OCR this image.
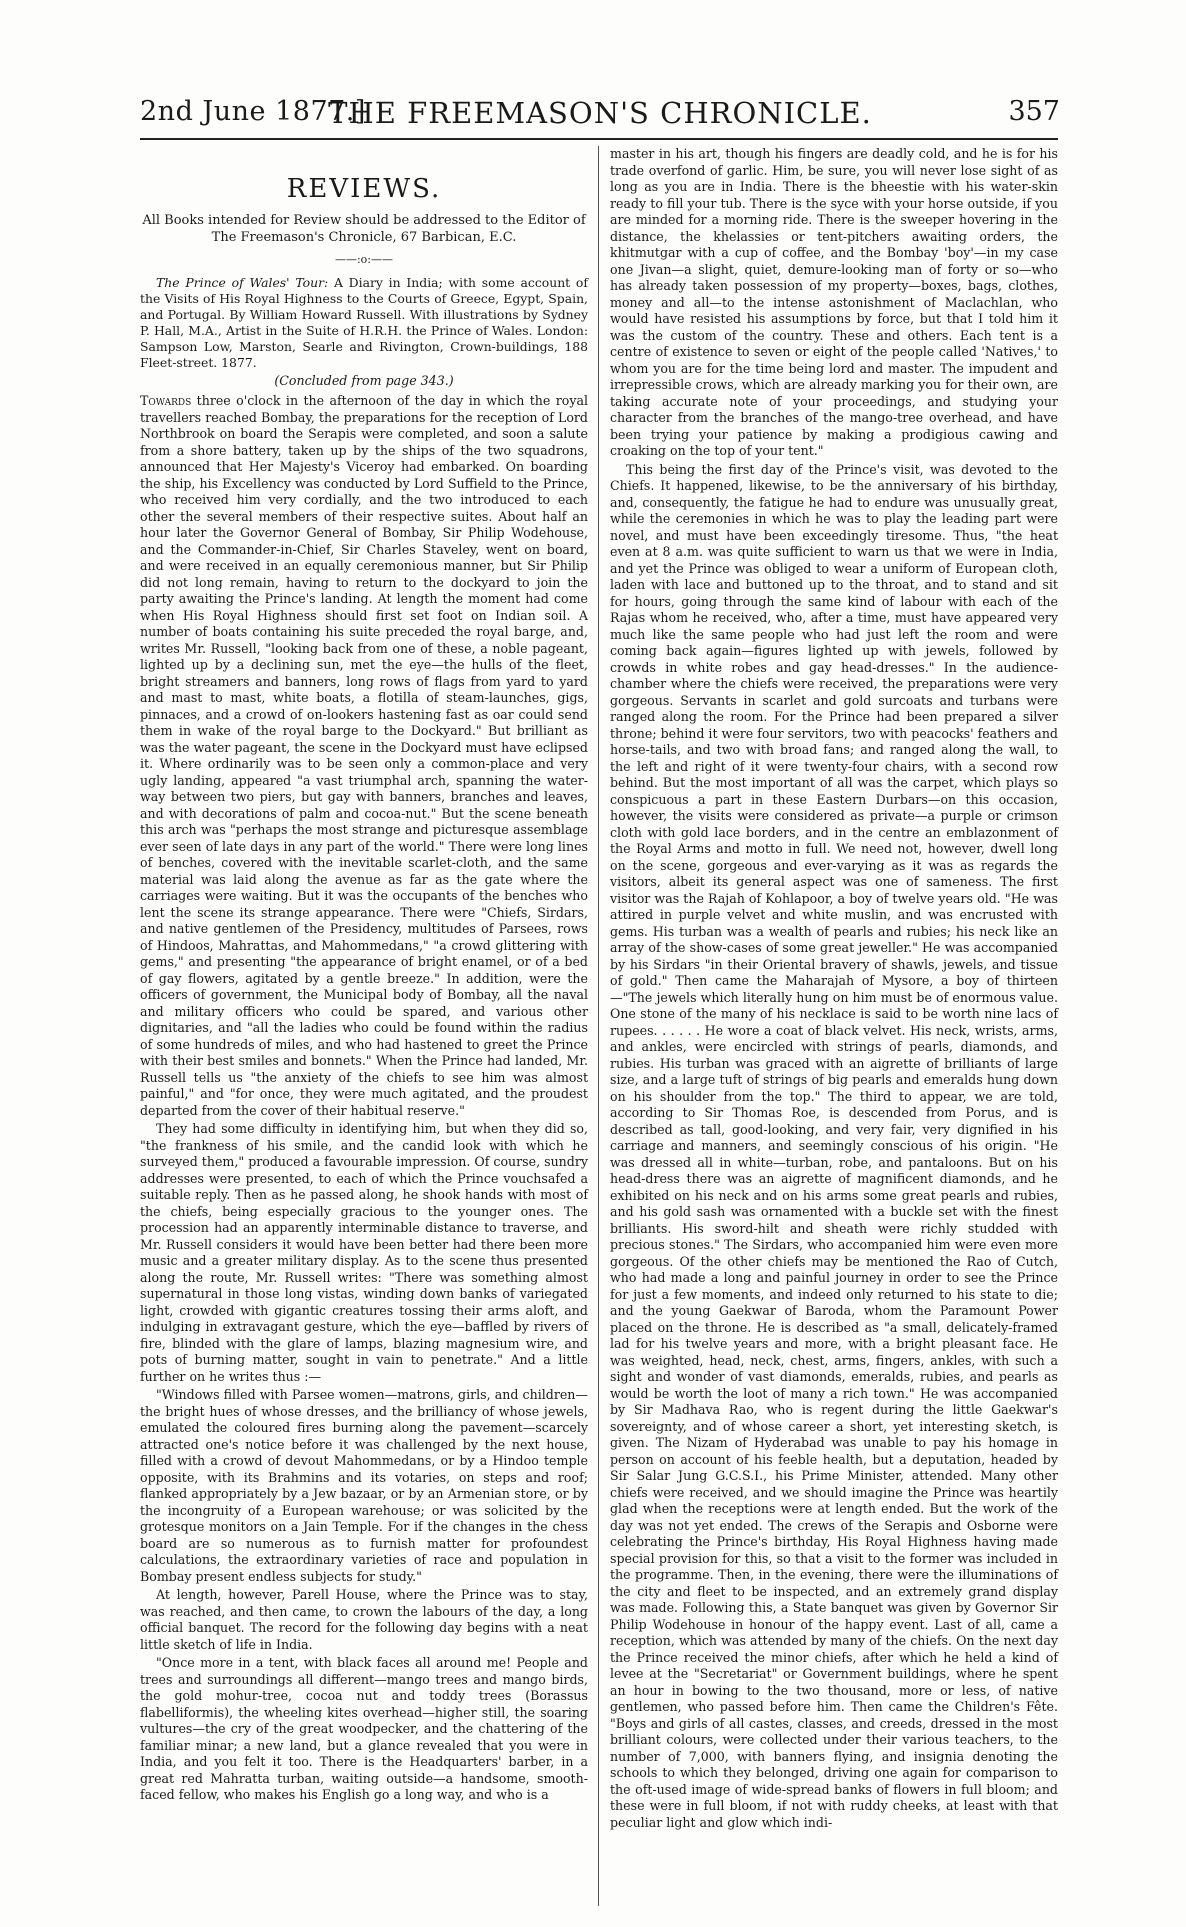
2nd June 1877.]
THE FREEMASON'S CHRONICLE.	357
REVIEWS.
All Books intended for Review should be addressed to the Editor of The Freemason's Chronicle, 67 Barbican, E.C.
——:o:——

The Prince of Wales' Tour: A Diary in India; with some account of the Visits of His Royal Highness to the Courts of Greece, Egypt, Spain, and Portugal. By William Howard Russell. With illustrations by Sydney P. Hall, M.A., Artist in the Suite of H.R.H. the Prince of Wales. London: Sampson Low, Marston, Searle and Rivington, Crown-buildings, 188 Fleet-street. 1877.

(Concluded from page 343.)

Towards three o'clock in the afternoon of the day in which the royal travellers reached Bombay, the preparations for the reception of Lord Northbrook on board the Serapis were completed, and soon a salute from a shore battery, taken up by the ships of the two squadrons, announced that Her Majesty's Viceroy had embarked. On boarding the ship, his Excellency was conducted by Lord Suffield to the Prince, who received him very cordially, and the two introduced to each other the several members of their respective suites. About half an hour later the Governor General of Bombay, Sir Philip Wodehouse, and the Commander-in-Chief, Sir Charles Staveley, went on board, and were received in an equally ceremonious manner, but Sir Philip did not long remain, having to return to the dockyard to join the party awaiting the Prince's landing. At length the moment had come when His Royal Highness should first set foot on Indian soil. A number of boats containing his suite preceded the royal barge, and, writes Mr. Russell, "looking back from one of these, a noble pageant, lighted up by a declining sun, met the eye—the hulls of the fleet, bright streamers and banners, long rows of flags from yard to yard and mast to mast, white boats, a flotilla of steam-launches, gigs, pinnaces, and a crowd of on-lookers hastening fast as oar could send them in wake of the royal barge to the Dockyard." But brilliant as was the water pageant, the scene in the Dockyard must have eclipsed it. Where ordinarily was to be seen only a common-place and very ugly landing, appeared "a vast triumphal arch, spanning the water-way between two piers, but gay with banners, branches and leaves, and with decorations of palm and cocoa-nut." But the scene beneath this arch was "perhaps the most strange and picturesque assemblage ever seen of late days in any part of the world." There were long lines of benches, covered with the inevitable scarlet-cloth, and the same material was laid along the avenue as far as the gate where the carriages were waiting. But it was the occupants of the benches who lent the scene its strange appearance. There were "Chiefs, Sirdars, and native gentlemen of the Presidency, multitudes of Parsees, rows of Hindoos, Mahrattas, and Mahommedans," "a crowd glittering with gems," and presenting "the appearance of bright enamel, or of a bed of gay flowers, agitated by a gentle breeze." In addition, were the officers of government, the Municipal body of Bombay, all the naval and military officers who could be spared, and various other dignitaries, and "all the ladies who could be found within the radius of some hundreds of miles, and who had hastened to greet the Prince with their best smiles and bonnets." When the Prince had landed, Mr. Russell tells us "the anxiety of the chiefs to see him was almost painful," and "for once, they were much agitated, and the proudest departed from the cover of their habitual reserve."

They had some difficulty in identifying him, but when they did so, "the frankness of his smile, and the candid look with which he surveyed them," produced a favourable impression. Of course, sundry addresses were presented, to each of which the Prince vouchsafed a suitable reply. Then as he passed along, he shook hands with most of the chiefs, being especially gracious to the younger ones. The procession had an apparently interminable distance to traverse, and Mr. Russell considers it would have been better had there been more music and a greater military display. As to the scene thus presented along the route, Mr. Russell writes: "There was something almost supernatural in those long vistas, winding down banks of variegated light, crowded with gigantic creatures tossing their arms aloft, and indulging in extravagant gesture, which the eye—baffled by rivers of fire, blinded with the glare of lamps, blazing magnesium wire, and pots of burning matter, sought in vain to penetrate." And a little further on he writes thus :—

"Windows filled with Parsee women—matrons, girls, and children—the bright hues of whose dresses, and the brilliancy of whose jewels, emulated the coloured fires burning along the pavement—scarcely attracted one's notice before it was challenged by the next house, filled with a crowd of devout Mahommedans, or by a Hindoo temple opposite, with its Brahmins and its votaries, on steps and roof; flanked appropriately by a Jew bazaar, or by an Armenian store, or by the incongruity of a European warehouse; or was solicited by the grotesque monitors on a Jain Temple. For if the changes in the chess board are so numerous as to furnish matter for profoundest calculations, the extraordinary varieties of race and population in Bombay present endless subjects for study."

At length, however, Parell House, where the Prince was to stay, was reached, and then came, to crown the labours of the day, a long official banquet. The record for the following day begins with a neat little sketch of life in India.

"Once more in a tent, with black faces all around me! People and trees and surroundings all different—mango trees and mango birds, the gold mohur-tree, cocoa nut and toddy trees (Borassus flabelliformis), the wheeling kites overhead—higher still, the soaring vultures—the cry of the great woodpecker, and the chattering of the familiar minar; a new land, but a glance revealed that you were in India, and you felt it too. There is the Headquarters' barber, in a great red Mahratta turban, waiting outside—a handsome, smooth-faced fellow, who makes his English go a long way, and who is a

master in his art, though his fingers are deadly cold, and he is for his trade overfond of garlic. Him, be sure, you will never lose sight of as long as you are in India. There is the bheestie with his water-skin ready to fill your tub. There is the syce with your horse outside, if you are minded for a morning ride. There is the sweeper hovering in the distance, the khelassies or tent-pitchers awaiting orders, the khitmutgar with a cup of coffee, and the Bombay 'boy'—in my case one Jivan—a slight, quiet, demure-looking man of forty or so—who has already taken possession of my property—boxes, bags, clothes, money and all—to the intense astonishment of Maclachlan, who would have resisted his assumptions by force, but that I told him it was the custom of the country. These and others. Each tent is a centre of existence to seven or eight of the people called 'Natives,' to whom you are for the time being lord and master. The impudent and irrepressible crows, which are already marking you for their own, are taking accurate note of your proceedings, and studying your character from the branches of the mango-tree overhead, and have been trying your patience by making a prodigious cawing and croaking on the top of your tent."

This being the first day of the Prince's visit, was devoted to the Chiefs. It happened, likewise, to be the anniversary of his birthday, and, consequently, the fatigue he had to endure was unusually great, while the ceremonies in which he was to play the leading part were novel, and must have been exceedingly tiresome. Thus, "the heat even at 8 a.m. was quite sufficient to warn us that we were in India, and yet the Prince was obliged to wear a uniform of European cloth, laden with lace and buttoned up to the throat, and to stand and sit for hours, going through the same kind of labour with each of the Rajas whom he received, who, after a time, must have appeared very much like the same people who had just left the room and were coming back again—figures lighted up with jewels, followed by crowds in white robes and gay head-dresses." In the audience-chamber where the chiefs were received, the preparations were very gorgeous. Servants in scarlet and gold surcoats and turbans were ranged along the room. For the Prince had been prepared a silver throne; behind it were four servitors, two with peacocks' feathers and horse-tails, and two with broad fans; and ranged along the wall, to the left and right of it were twenty-four chairs, with a second row behind. But the most important of all was the carpet, which plays so conspicuous a part in these Eastern Durbars—on this occasion, however, the visits were considered as private—a purple or crimson cloth with gold lace borders, and in the centre an emblazonment of the Royal Arms and motto in full. We need not, however, dwell long on the scene, gorgeous and ever-varying as it was as regards the visitors, albeit its general aspect was one of sameness. The first visitor was the Rajah of Kohlapoor, a boy of twelve years old. "He was attired in purple velvet and white muslin, and was encrusted with gems. His turban was a wealth of pearls and rubies; his neck like an array of the show-cases of some great jeweller." He was accompanied by his Sirdars "in their Oriental bravery of shawls, jewels, and tissue of gold." Then came the Maharajah of Mysore, a boy of thirteen—"The jewels which literally hung on him must be of enormous value. One stone of the many of his necklace is said to be worth nine lacs of rupees. . . . . . He wore a coat of black velvet. His neck, wrists, arms, and ankles, were encircled with strings of pearls, diamonds, and rubies. His turban was graced with an aigrette of brilliants of large size, and a large tuft of strings of big pearls and emeralds hung down on his shoulder from the top." The third to appear, we are told, according to Sir Thomas Roe, is descended from Porus, and is described as tall, good-looking, and very fair, very dignified in his carriage and manners, and seemingly conscious of his origin. "He was dressed all in white—turban, robe, and pantaloons. But on his head-dress there was an aigrette of magnificent diamonds, and he exhibited on his neck and on his arms some great pearls and rubies, and his gold sash was ornamented with a buckle set with the finest brilliants. His sword-hilt and sheath were richly studded with precious stones." The Sirdars, who accompanied him were even more gorgeous. Of the other chiefs may be mentioned the Rao of Cutch, who had made a long and painful journey in order to see the Prince for just a few moments, and indeed only returned to his state to die; and the young Gaekwar of Baroda, whom the Paramount Power placed on the throne. He is described as "a small, delicately-framed lad for his twelve years and more, with a bright pleasant face. He was weighted, head, neck, chest, arms, fingers, ankles, with such a sight and wonder of vast diamonds, emeralds, rubies, and pearls as would be worth the loot of many a rich town." He was accompanied by Sir Madhava Rao, who is regent during the little Gaekwar's sovereignty, and of whose career a short, yet interesting sketch, is given. The Nizam of Hyderabad was unable to pay his homage in person on account of his feeble health, but a deputation, headed by Sir Salar Jung G.C.S.I., his Prime Minister, attended. Many other chiefs were received, and we should imagine the Prince was heartily glad when the receptions were at length ended. But the work of the day was not yet ended. The crews of the Serapis and Osborne were celebrating the Prince's birthday, His Royal Highness having made special provision for this, so that a visit to the former was included in the programme. Then, in the evening, there were the illuminations of the city and fleet to be inspected, and an extremely grand display was made. Following this, a State banquet was given by Governor Sir Philip Wodehouse in honour of the happy event. Last of all, came a reception, which was attended by many of the chiefs. On the next day the Prince received the minor chiefs, after which he held a kind of levee at the "Secretariat" or Government buildings, where he spent an hour in bowing to the two thousand, more or less, of native gentlemen, who passed before him. Then came the Children's Fête. "Boys and girls of all castes, classes, and creeds, dressed in the most brilliant colours, were collected under their various teachers, to the number of 7,000, with banners flying, and insignia denoting the schools to which they belonged, driving one again for comparison to the oft-used image of wide-spread banks of flowers in full bloom; and these were in full bloom, if not with ruddy cheeks, at least with that peculiar light and glow which indi-
